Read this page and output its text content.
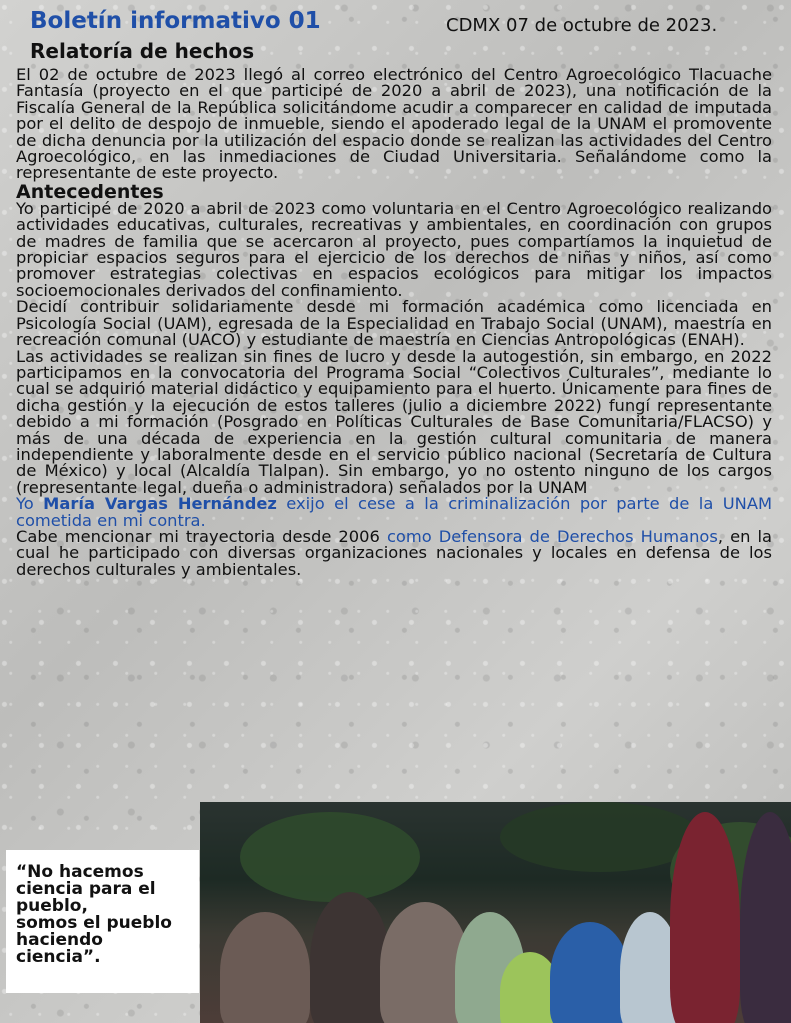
Boletín informativo 01	CDMX 07 de octubre de 2023.
Relatoría de hechos

El 02 de octubre de 2023 llegó al correo electrónico del Centro Agroecológico Tlacuache Fantasía (proyecto en el que participé de 2020 a abril de 2023), una notificación de la Fiscalía General de la República solicitándome acudir a comparecer en calidad de imputada por el delito de despojo de inmueble, siendo el apoderado legal de la UNAM el promovente de dicha denuncia por la utilización del espacio donde se realizan las actividades del Centro Agroecológico, en las inmediaciones de Ciudad Universitaria. Señalándome como la representante de este proyecto.

Antecedentes

Yo participé de 2020 a abril de 2023 como voluntaria en el Centro Agroecológico realizando actividades educativas, culturales, recreativas y ambientales, en coordinación con grupos de madres de familia que se acercaron al proyecto, pues compartíamos la inquietud de propiciar espacios seguros para el ejercicio de los derechos de niñas y niños, así como promover estrategias colectivas en espacios ecológicos para mitigar los impactos socioemocionales derivados del confinamiento.

Decidí contribuir solidariamente desde mi formación académica como licenciada en Psicología Social (UAM), egresada de la Especialidad en Trabajo Social (UNAM), maestría en recreación comunal (UACO) y estudiante de maestría en Ciencias Antropológicas (ENAH).

Las actividades se realizan sin fines de lucro y desde la autogestión, sin embargo, en 2022 participamos en la convocatoria del Programa Social “Colectivos Culturales”, mediante lo cual se adquirió material didáctico y equipamiento para el huerto. Únicamente para fines de dicha gestión y la ejecución de estos talleres (julio a diciembre 2022) fungí representante debido a mi formación (Posgrado en Políticas Culturales de Base Comunitaria/FLACSO) y más de una década de experiencia en la gestión cultural comunitaria de manera independiente y laboralmente desde en el servicio público nacional (Secretaría de Cultura de México) y local (Alcaldía Tlalpan). Sin embargo, yo no ostento ninguno de los cargos (representante legal, dueña o administradora) señalados por la UNAM

Yo María Vargas Hernández exijo el cese a la criminalización por parte de la UNAM cometida en mi contra.

Cabe mencionar mi trayectoria desde 2006 como Defensora de Derechos Humanos, en la cual he participado con diversas organizaciones nacionales y locales en defensa de los derechos culturales y ambientales.

“No hacemos
ciencia para el
pueblo,
somos el pueblo
haciendo
ciencia”.
